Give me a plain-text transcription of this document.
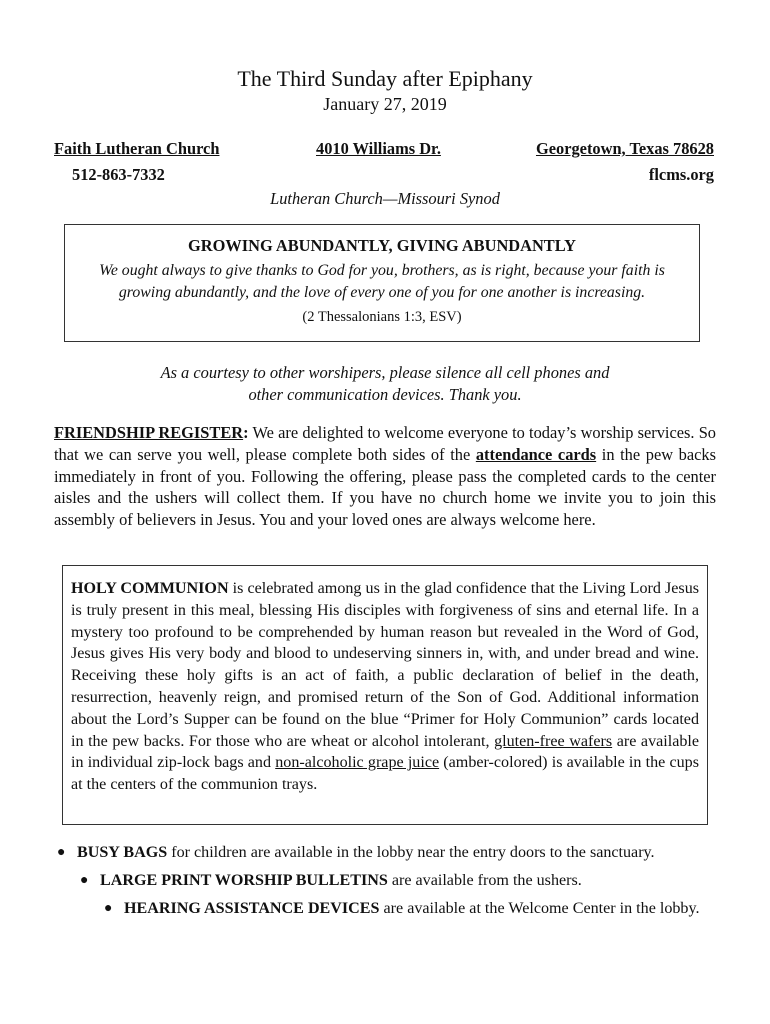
The Third Sunday after Epiphany
January 27, 2019
Faith Lutheran Church	4010 Williams Dr.	Georgetown, Texas 78628
512-863-7332	flcms.org
Lutheran Church—Missouri Synod
GROWING ABUNDANTLY, GIVING ABUNDANTLY
We ought always to give thanks to God for you, brothers, as is right, because your faith is growing abundantly, and the love of every one of you for one another is increasing.
(2 Thessalonians 1:3, ESV)
As a courtesy to other worshipers, please silence all cell phones and
other communication devices. Thank you.
FRIENDSHIP REGISTER: We are delighted to welcome everyone to today’s worship services. So that we can serve you well, please complete both sides of the attendance cards in the pew backs immediately in front of you. Following the offering, please pass the completed cards to the center aisles and the ushers will collect them. If you have no church home we invite you to join this assembly of believers in Jesus. You and your loved ones are always welcome here.
HOLY COMMUNION is celebrated among us in the glad confidence that the Living Lord Jesus is truly present in this meal, blessing His disciples with forgiveness of sins and eternal life. In a mystery too profound to be comprehended by human reason but revealed in the Word of God, Jesus gives His very body and blood to undeserving sinners in, with, and under bread and wine. Receiving these holy gifts is an act of faith, a public declaration of belief in the death, resurrection, heavenly reign, and promised return of the Son of God. Additional information about the Lord’s Supper can be found on the blue “Primer for Holy Communion” cards located in the pew backs. For those who are wheat or alcohol intolerant, gluten-free wafers are available in individual zip-lock bags and non-alcoholic grape juice (amber-colored) is available in the cups at the centers of the communion trays.
● BUSY BAGS for children are available in the lobby near the entry doors to the sanctuary.
● LARGE PRINT WORSHIP BULLETINS are available from the ushers.
● HEARING ASSISTANCE DEVICES are available at the Welcome Center in the lobby.
